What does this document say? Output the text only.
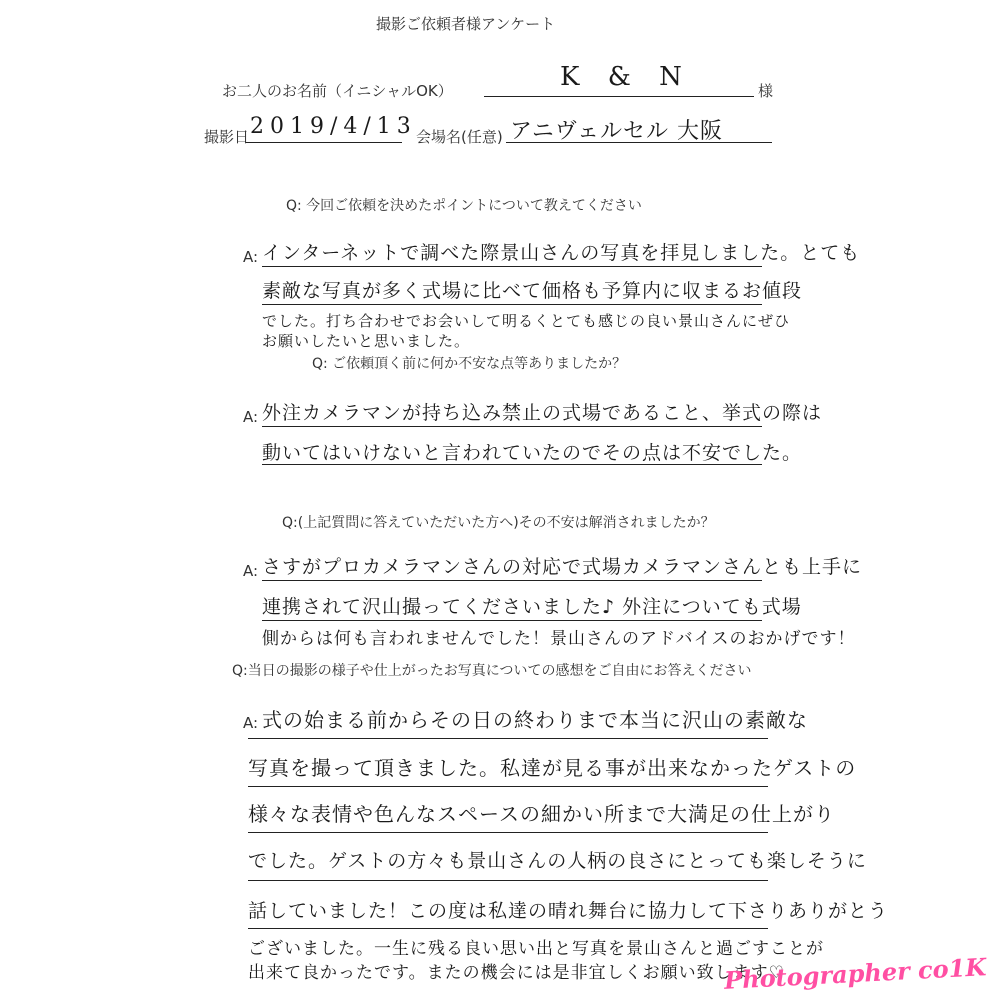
撮影ご依頼者様アンケート
お二人のお名前（イニシャルOK）	K & N	様
撮影日 2019/4/13 会場名(任意) アニヴェルセル 大阪
Q: 今回ご依頼を決めたポイントについて教えてください
A: インターネットで調べた際景山さんの写真を拝見しました。とても
素敵な写真が多く式場に比べて価格も予算内に収まるお値段
でした。打ち合わせでお会いして明るくとても感じの良い景山さんにぜひ
お願いしたいと思いました。
Q: ご依頼頂く前に何か不安な点等ありましたか？
A: 外注カメラマンが持ち込み禁止の式場であること、挙式の際は
動いてはいけないと言われていたのでその点は不安でした。
Q:(上記質問に答えていただいた方へ)その不安は解消されましたか？
A: さすがプロカメラマンさんの対応で式場カメラマンさんとも上手に
連携されて沢山撮ってくださいました♪ 外注についても式場
側からは何も言われませんでした！景山さんのアドバイスのおかげです！
Q:当日の撮影の様子や仕上がったお写真についての感想をご自由にお答えください
A: 式の始まる前からその日の終わりまで本当に沢山の素敵な
写真を撮って頂きました。私達が見る事が出来なかったゲストの
様々な表情や色んなスペースの細かい所まで大満足の仕上がり
でした。ゲストの方々も景山さんの人柄の良さにとっても楽しそうに
話していました！この度は私達の晴れ舞台に協力して下さりありがとう
ございました。一生に残る良い思い出と写真を景山さんと過ごすことが
出来て良かったです。またの機会には是非宜しくお願い致します♡
Photographer co1K
